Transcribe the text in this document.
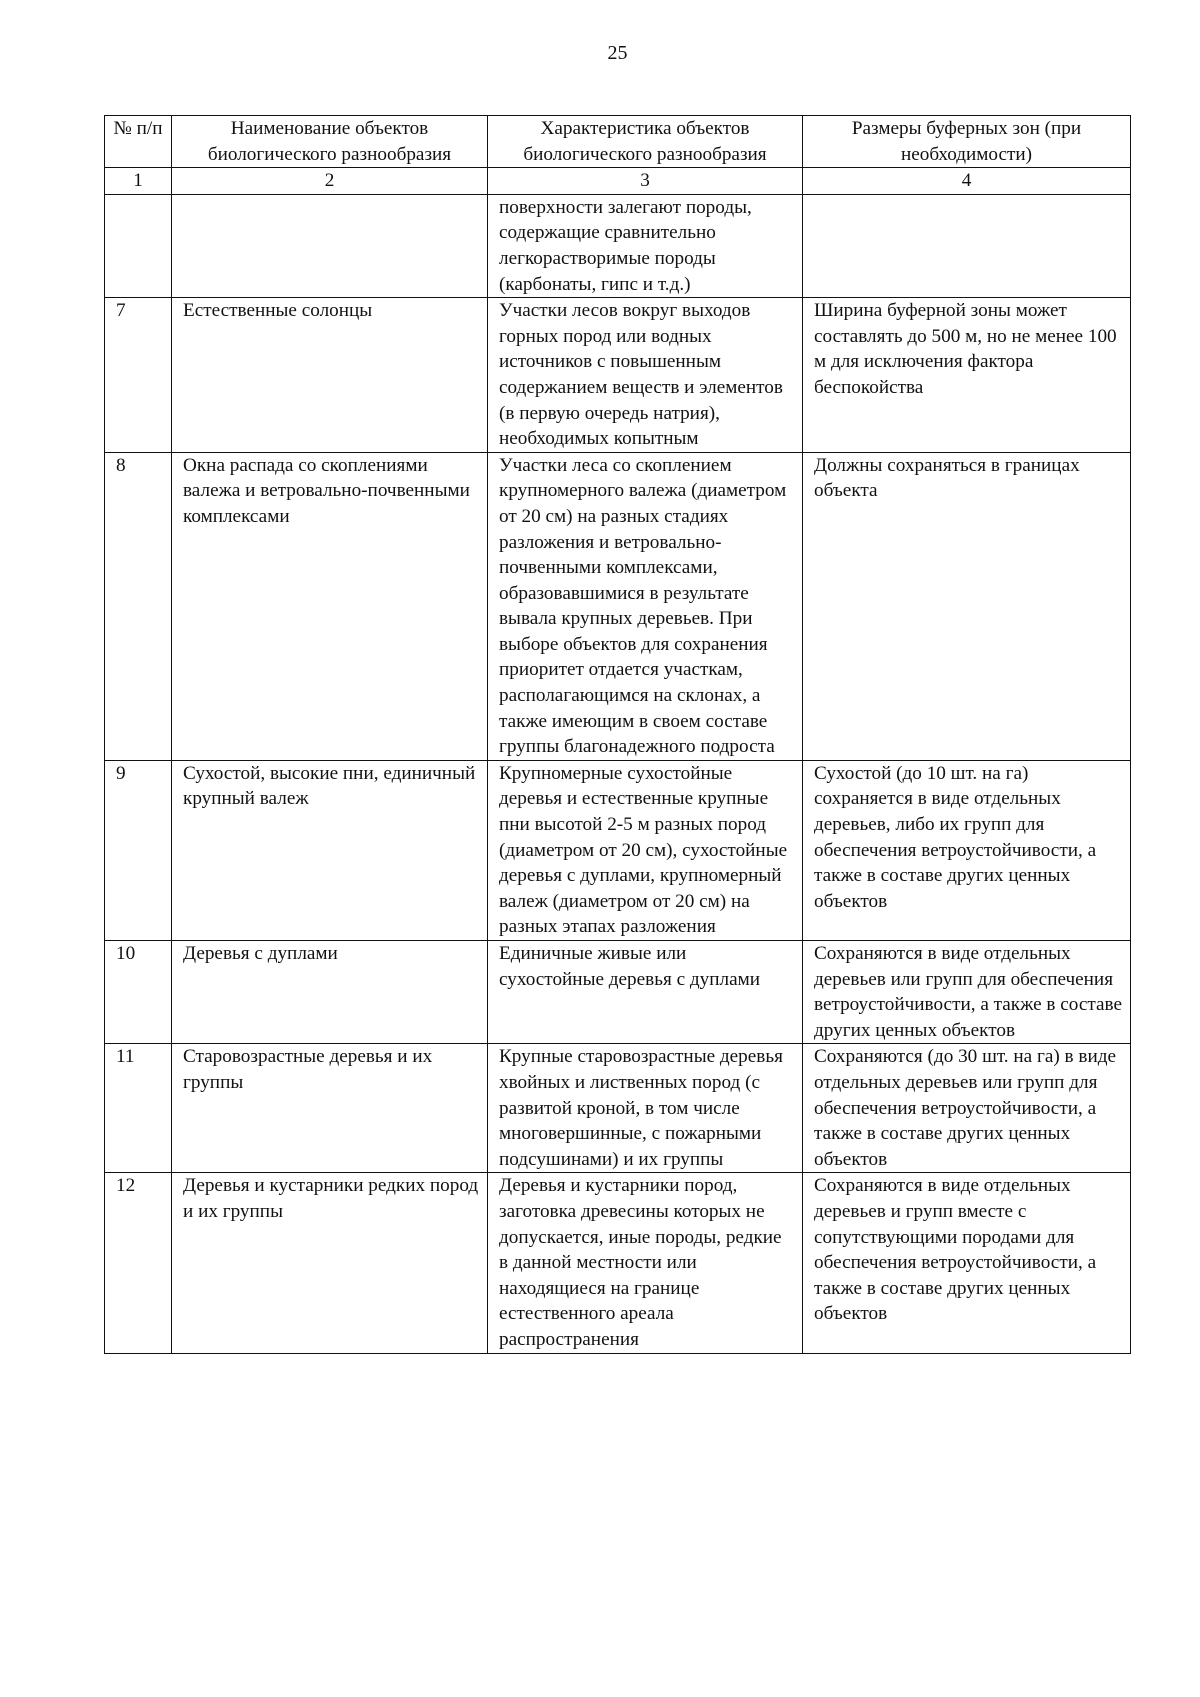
25
№ п/п	Наименование объектов биологического разнообразия	Характеристика объектов биологического разнообразия	Размеры буферных зон (при необходимости)
1	2	3	4
		поверхности залегают породы, содержащие сравнительно легкорастворимые породы (карбонаты, гипс и т.д.)	
7	Естественные солонцы	Участки лесов вокруг выходов горных пород или водных источников с повышенным содержанием веществ и элементов (в первую очередь натрия), необходимых копытным	Ширина буферной зоны может составлять до 500 м, но не менее 100 м для исключения фактора беспокойства
8	Окна распада со скоплениями валежа и ветровально-почвенными комплексами	Участки леса со скоплением крупномерного валежа (диаметром от 20 см) на разных стадиях разложения и ветровально-почвенными комплексами, образовавшимися в результате вывала крупных деревьев. При выборе объектов для сохранения приоритет отдается участкам, располагающимся на склонах, а также имеющим в своем составе группы благонадежного подроста	Должны сохраняться в границах объекта
9	Сухостой, высокие пни, единичный крупный валеж	Крупномерные сухостойные деревья и естественные крупные пни высотой 2-5 м разных пород (диаметром от 20 см), сухостойные деревья с дуплами, крупномерный валеж (диаметром от 20 см) на разных этапах разложения	Сухостой (до 10 шт. на га) сохраняется в виде отдельных деревьев, либо их групп для обеспечения ветроустойчивости, а также в составе других ценных объектов
10	Деревья с дуплами	Единичные живые или сухостойные деревья с дуплами	Сохраняются в виде отдельных деревьев или групп для обеспечения ветроустойчивости, а также в составе других ценных объектов
11	Старовозрастные деревья и их группы	Крупные старовозрастные деревья хвойных и лиственных пород (с развитой кроной, в том числе многовершинные, с пожарными подсушинами) и их группы	Сохраняются (до 30 шт. на га) в виде отдельных деревьев или групп для обеспечения ветроустойчивости, а также в составе других ценных объектов
12	Деревья и кустарники редких пород и их группы	Деревья и кустарники пород, заготовка древесины которых не допускается, иные породы, редкие в данной местности или находящиеся на границе естественного ареала распространения	Сохраняются в виде отдельных деревьев и групп вместе с сопутствующими породами для обеспечения ветроустойчивости, а также в составе других ценных объектов
